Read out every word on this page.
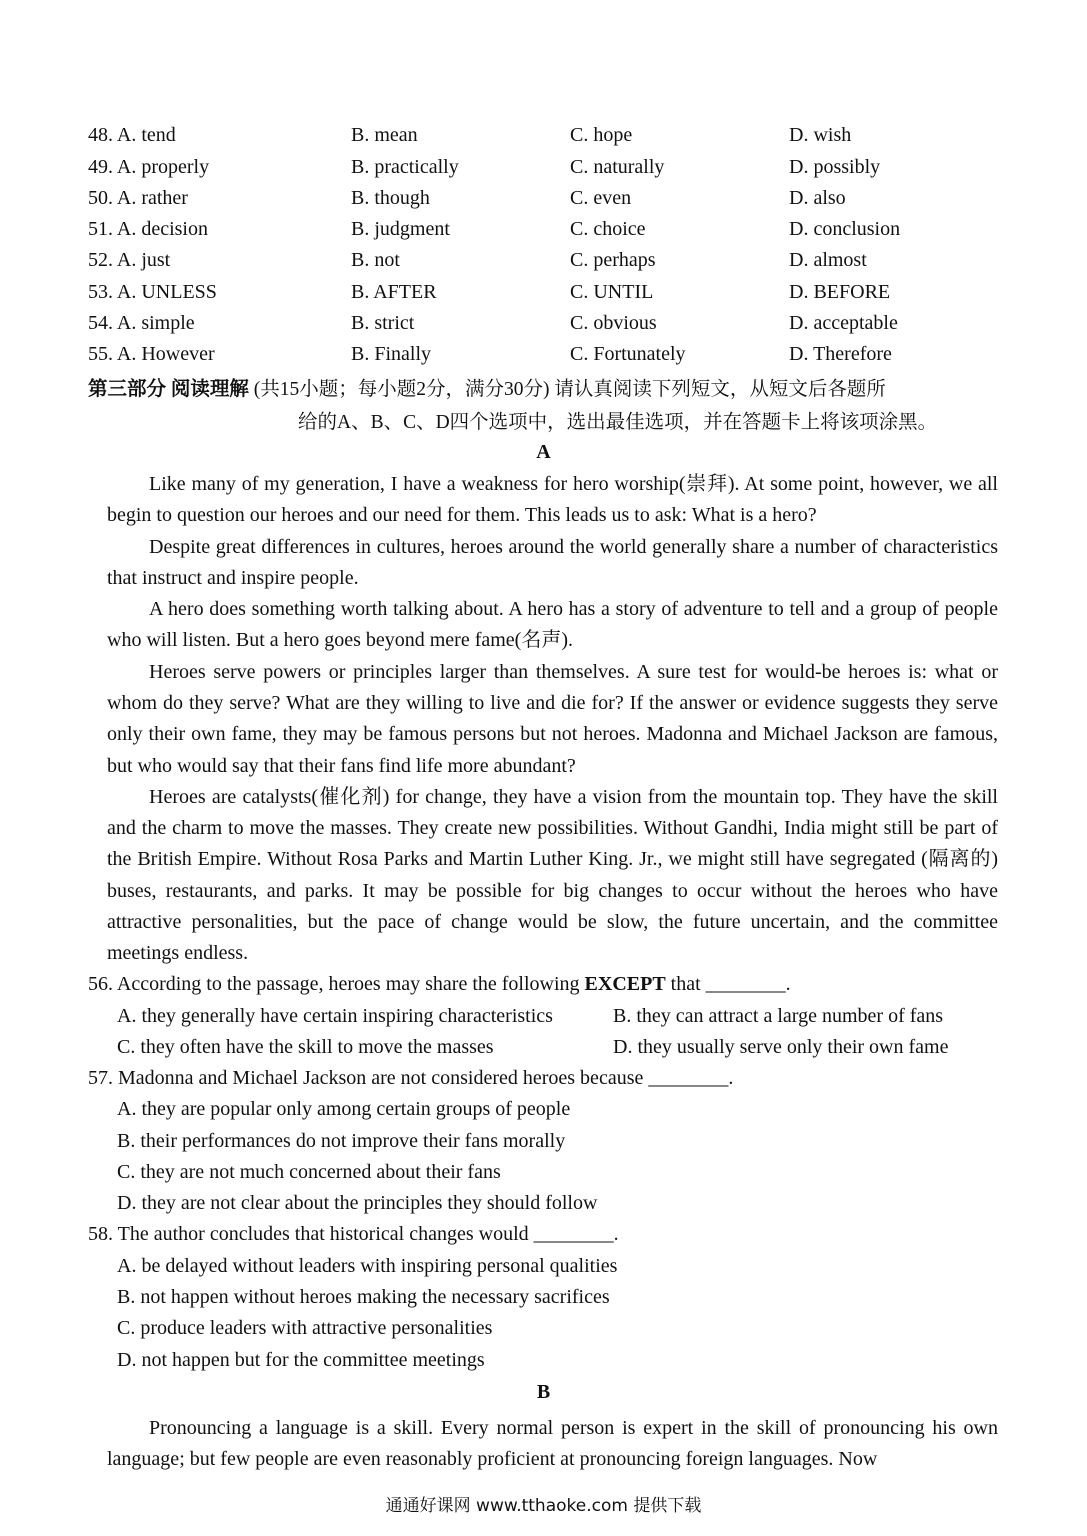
48. A. tend	B. mean	C. hope	D. wish
49. A. properly	B. practically	C. naturally	D. possibly
50. A. rather	B. though	C. even	D. also
51. A. decision	B. judgment	C. choice	D. conclusion
52. A. just	B. not	C. perhaps	D. almost
53. A. UNLESS	B. AFTER	C. UNTIL	D. BEFORE
54. A. simple	B. strict	C. obvious	D. acceptable
55. A. However	B. Finally	C. Fortunately	D. Therefore
第三部分 阅读理解 (共15小题；每小题2分，满分30分) 请认真阅读下列短文，从短文后各题所
给的A、B、C、D四个选项中，选出最佳选项，并在答题卡上将该项涂黑。
A

Like many of my generation, I have a weakness for hero worship(崇拜). At some point, however, we all begin to question our heroes and our need for them. This leads us to ask: What is a hero?

Despite great differences in cultures, heroes around the world generally share a number of characteristics that instruct and inspire people.

A hero does something worth talking about. A hero has a story of adventure to tell and a group of people who will listen. But a hero goes beyond mere fame(名声).

Heroes serve powers or principles larger than themselves. A sure test for would-be heroes is: what or whom do they serve? What are they willing to live and die for? If the answer or evidence suggests they serve only their own fame, they may be famous persons but not heroes. Madonna and Michael Jackson are famous, but who would say that their fans find life more abundant?

Heroes are catalysts(催化剂) for change, they have a vision from the mountain top. They have the skill and the charm to move the masses. They create new possibilities. Without Gandhi, India might still be part of the British Empire. Without Rosa Parks and Martin Luther King. Jr., we might still have segregated (隔离的) buses, restaurants, and parks. It may be possible for big changes to occur without the heroes who have attractive personalities, but the pace of change would be slow, the future uncertain, and the committee meetings endless.

56. According to the passage, heroes may share the following EXCEPT that ________.
A. they generally have certain inspiring characteristics	B. they can attract a large number of fans
C. they often have the skill to move the masses	D. they usually serve only their own fame
57. Madonna and Michael Jackson are not considered heroes because ________.
A. they are popular only among certain groups of people
B. their performances do not improve their fans morally
C. they are not much concerned about their fans
D. they are not clear about the principles they should follow
58. The author concludes that historical changes would ________.
A. be delayed without leaders with inspiring personal qualities
B. not happen without heroes making the necessary sacrifices
C. produce leaders with attractive personalities
D. not happen but for the committee meetings
B

Pronouncing a language is a skill. Every normal person is expert in the skill of pronouncing his own language; but few people are even reasonably proficient at pronouncing foreign languages. Now

通通好课网 www.tthaoke.com 提供下载
